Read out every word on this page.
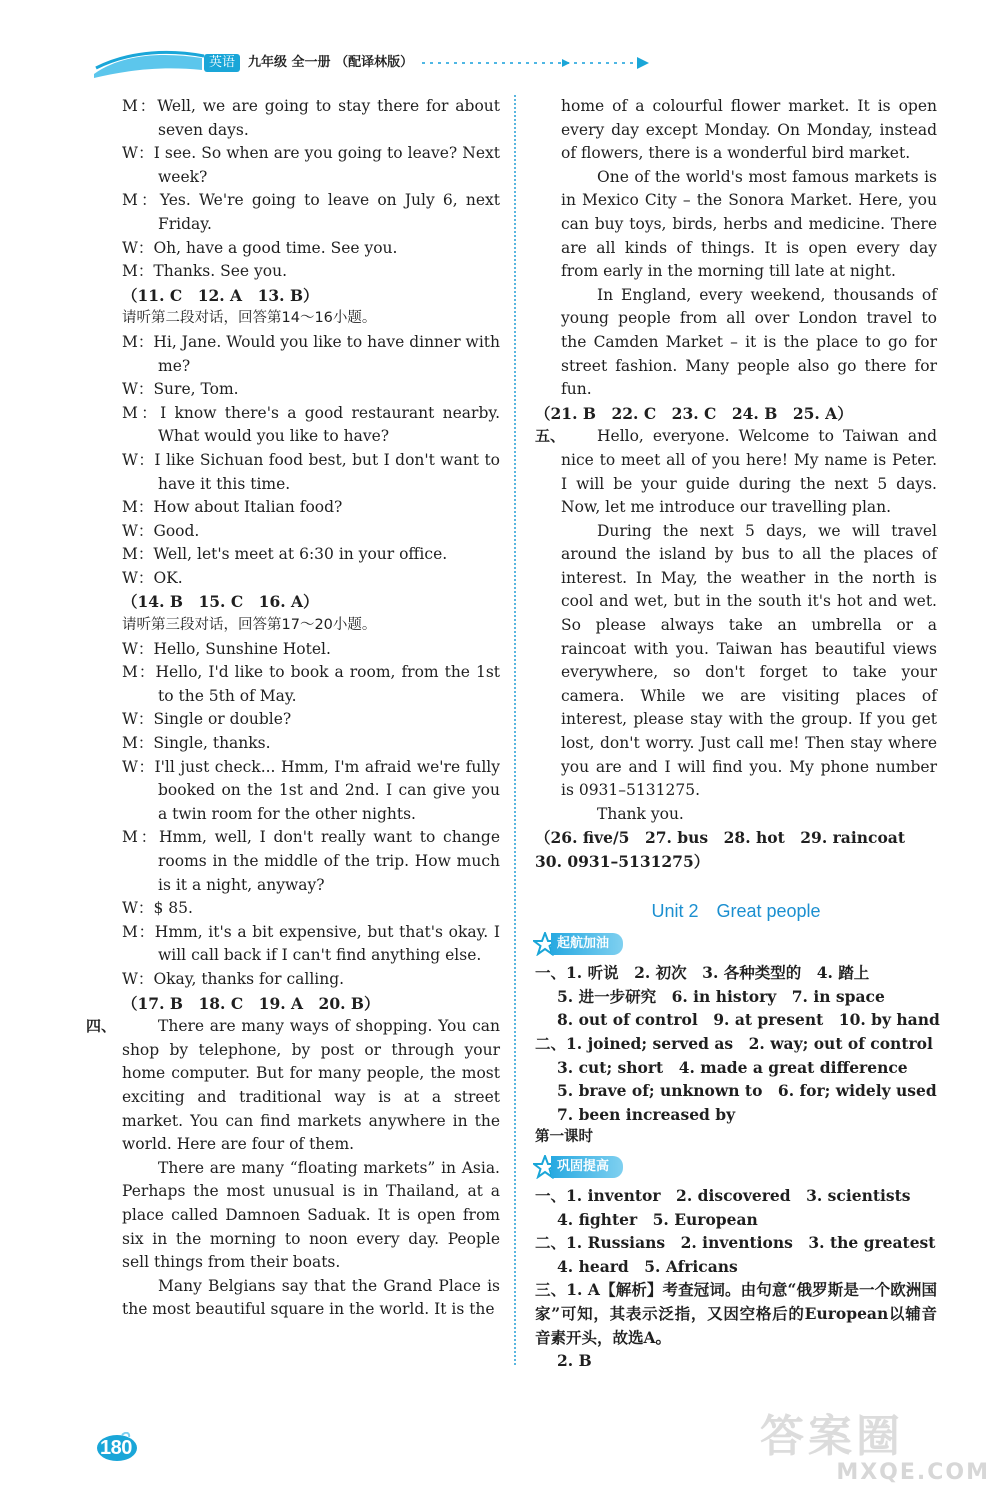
英语	九年级 全一册 （配译林版）
M：Well, we are going to stay there for about seven days.
W：I see. So when are you going to leave? Next week?
M：Yes. We're going to leave on July 6, next Friday.
W：Oh, have a good time. See you.
M：Thanks. See you.
（11. C　12. A　13. B）
请听第二段对话，回答第14～16小题。
M：Hi, Jane. Would you like to have dinner with me?
W：Sure, Tom.
M：I know there's a good restaurant nearby. What would you like to have?
W：I like Sichuan food best, but I don't want to have it this time.
M：How about Italian food?
W：Good.
M：Well, let's meet at 6:30 in your office.
W：OK.
（14. B　15. C　16. A）
请听第三段对话，回答第17～20小题。
W：Hello, Sunshine Hotel.
M：Hello, I'd like to book a room, from the 1st to the 5th of May.
W：Single or double?
M：Single, thanks.
W：I'll just check... Hmm, I'm afraid we're fully booked on the 1st and 2nd. I can give you a twin room for the other nights.
M：Hmm, well, I don't really want to change rooms in the middle of the trip. How much is it a night, anyway?
W：$ 85.
M：Hmm, it's a bit expensive, but that's okay. I will call back if I can't find anything else.
W：Okay, thanks for calling.
（17. B　18. C　19. A　20. B）
四、	There are many ways of shopping. You can shop by telephone, by post or through your home computer. But for many people, the most exciting and traditional way is at a street market. You can find markets anywhere in the world. Here are four of them.
There are many “floating markets” in Asia. Perhaps the most unusual is in Thailand, at a place called Damnoen Saduak. It is open from six in the morning to noon every day. People sell things from their boats.
Many Belgians say that the Grand Place is the most beautiful square in the world. It is the
home of a colourful flower market. It is open every day except Monday. On Monday, instead of flowers, there is a wonderful bird market.
One of the world's most famous markets is in Mexico City – the Sonora Market. Here, you can buy toys, birds, herbs and medicine. There are all kinds of things. It is open every day from early in the morning till late at night.
In England, every weekend, thousands of young people from all over London travel to the Camden Market – it is the place to go for street fashion. Many people also go there for fun.
（21. B　22. C　23. C　24. B　25. A）
五、	Hello, everyone. Welcome to Taiwan and nice to meet all of you here! My name is Peter. I will be your guide during the next 5 days. Now, let me introduce our travelling plan.
During the next 5 days, we will travel around the island by bus to all the places of interest. In May, the weather in the north is cool and wet, but in the south it's hot and wet. So please always take an umbrella or a raincoat with you. Taiwan has beautiful views everywhere, so don't forget to take your camera. While we are visiting places of interest, please stay with the group. If you get lost, don't worry. Just call me! Then stay where you are and I will find you. My phone number is 0931–5131275.
Thank you.
（26. five/5　27. bus　28. hot　29. raincoat
30. 0931–5131275）
Unit 2　Great people
起航加油
一、1. 听说　2. 初次　3. 各种类型的　4. 踏上
5. 进一步研究　6. in history　7. in space
8. out of control　9. at present　10. by hand
二、1. joined; served as　2. way; out of control
3. cut; short　4. made a great difference
5. brave of; unknown to　6. for; widely used
7. been increased by
第一课时
巩固提高
一、1. inventor　2. discovered　3. scientists
4. fighter　5. European
二、1. Russians　2. inventions　3. the greatest
4. heard　5. Africans
三、1. A【解析】考查冠词。由句意“俄罗斯是一个欧洲国家”可知，其表示泛指，又因空格后的European以辅音音素开头，故选A。
2. B
180	答案圈
MXQE.COM
